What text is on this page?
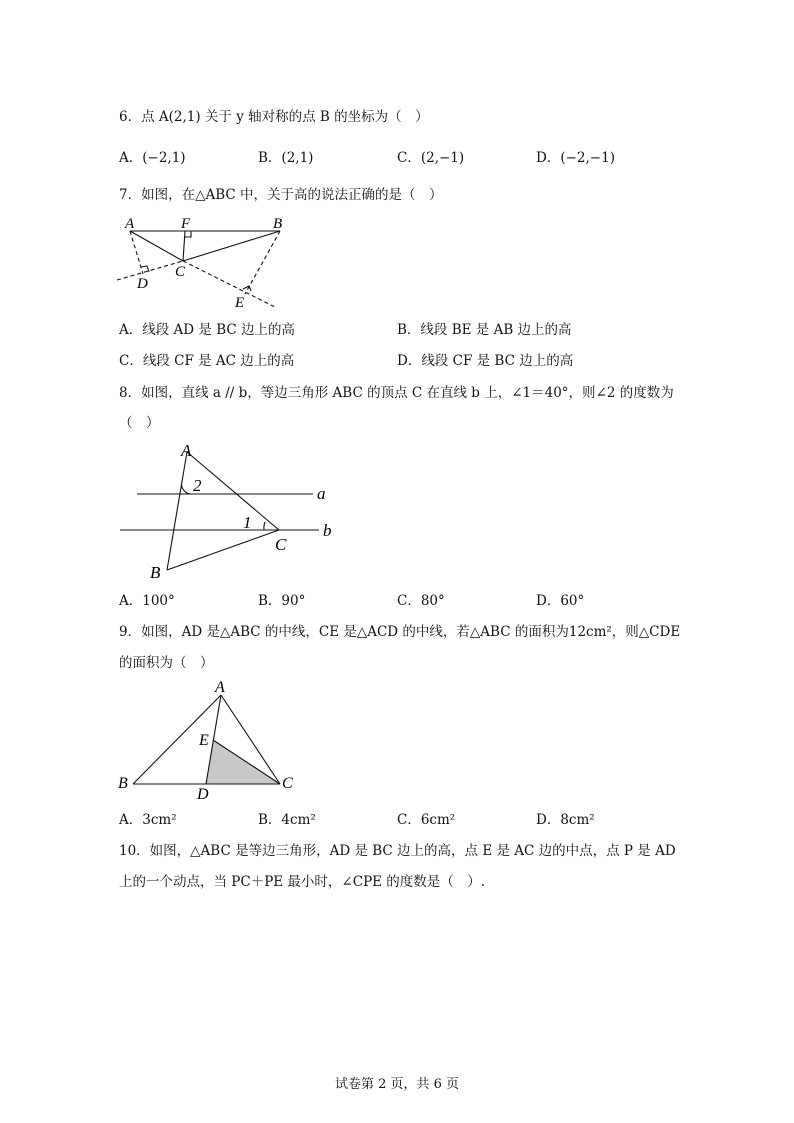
6．点 A(2,1) 关于 y 轴对称的点 B 的坐标为（　）
A．(−2,1)	B．(2,1)	C．(2,−1)	D．(−2,−1)
7．如图，在△ABC 中，关于高的说法正确的是（　）
A	F	B
C
D
E
A．线段 AD 是 BC 边上的高	B．线段 BE 是 AB 边上的高
C．线段 CF 是 AC 边上的高	D．线段 CF 是 BC 边上的高
8．如图，直线 a // b，等边三角形 ABC 的顶点 C 在直线 b 上，∠1＝40°，则∠2 的度数为
（　）
A
B
C
a
b
1
2
A．100°	B．90°	C．80°	D．60°
9．如图，AD 是△ABC 的中线，CE 是△ACD 的中线，若△ABC 的面积为12cm²，则△CDE
的面积为（　）
A
B	C
D
E
A．3cm²	B．4cm²	C．6cm²	D．8cm²
10．如图，△ABC 是等边三角形，AD 是 BC 边上的高，点 E 是 AC 边的中点，点 P 是 AD
上的一个动点，当 PC＋PE 最小时，∠CPE 的度数是（　）.
试卷第 2 页，共 6 页
